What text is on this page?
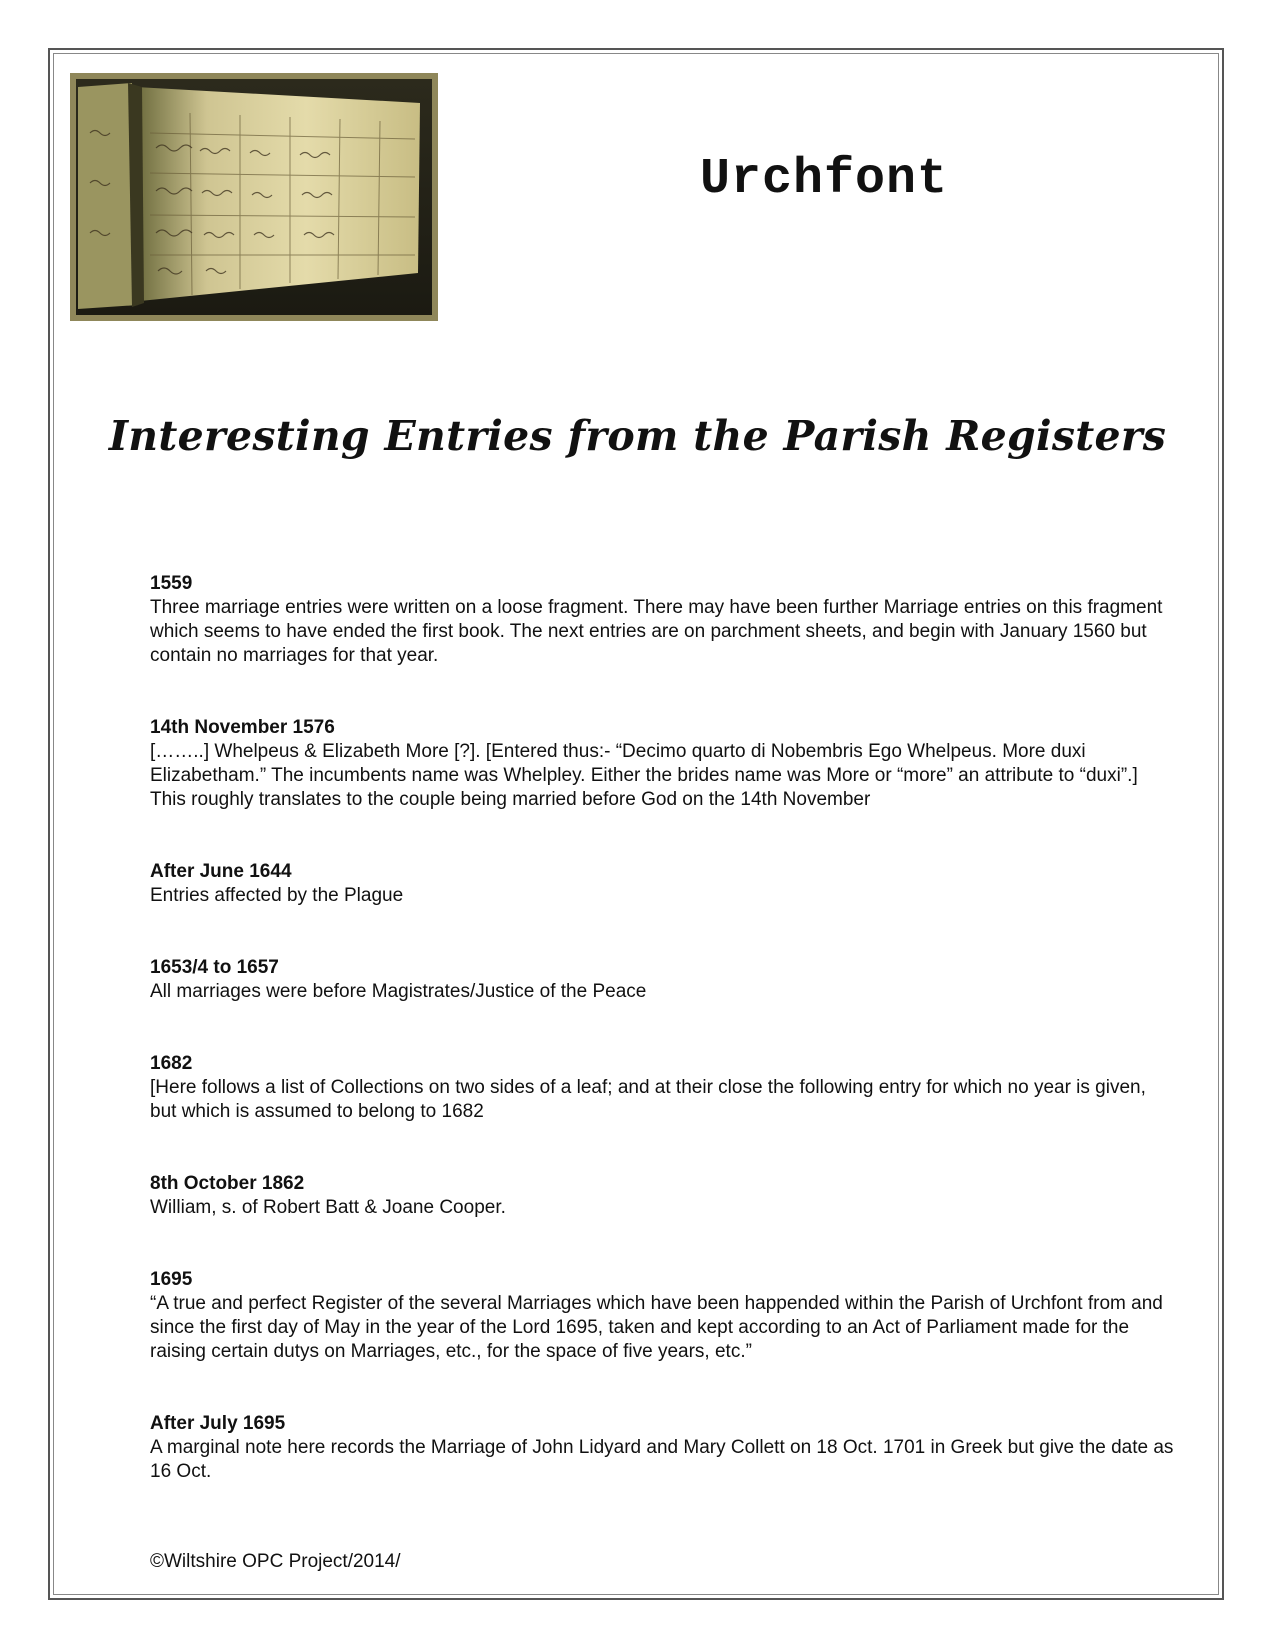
Urchfont
Interesting Entries from the Parish Registers
1559
Three marriage entries were written on a loose fragment. There may have been further Marriage entries on this fragment which seems to have ended the first book. The next entries are on parchment sheets, and begin with January 1560 but contain no marriages for that year.
14th November 1576
[……..] Whelpeus & Elizabeth More [?]. [Entered thus:- “Decimo quarto di Nobembris Ego Whelpeus. More duxi Elizabetham.” The incumbents name was Whelpley. Either the brides name was More or “more” an attribute to “duxi”.] This roughly translates to the couple being married before God on the 14th November
After June 1644
Entries affected by the Plague
1653/4 to 1657
All marriages were before Magistrates/Justice of the Peace
1682
[Here follows a list of Collections on two sides of a leaf; and at their close the following entry for which no year is given, but which is assumed to belong to 1682
8th October 1862
William, s. of Robert Batt & Joane Cooper.
1695
“A true and perfect Register of the several Marriages which have been happended within the Parish of Urchfont from and since the first day of May in the year of the Lord 1695, taken and kept according to an Act of Parliament made for the raising certain dutys on Marriages, etc., for the space of five years, etc.”
After July 1695
A marginal note here records the Marriage of John Lidyard and Mary Collett on 18 Oct. 1701 in Greek but give the date as 16 Oct.
©Wiltshire OPC Project/2014/
